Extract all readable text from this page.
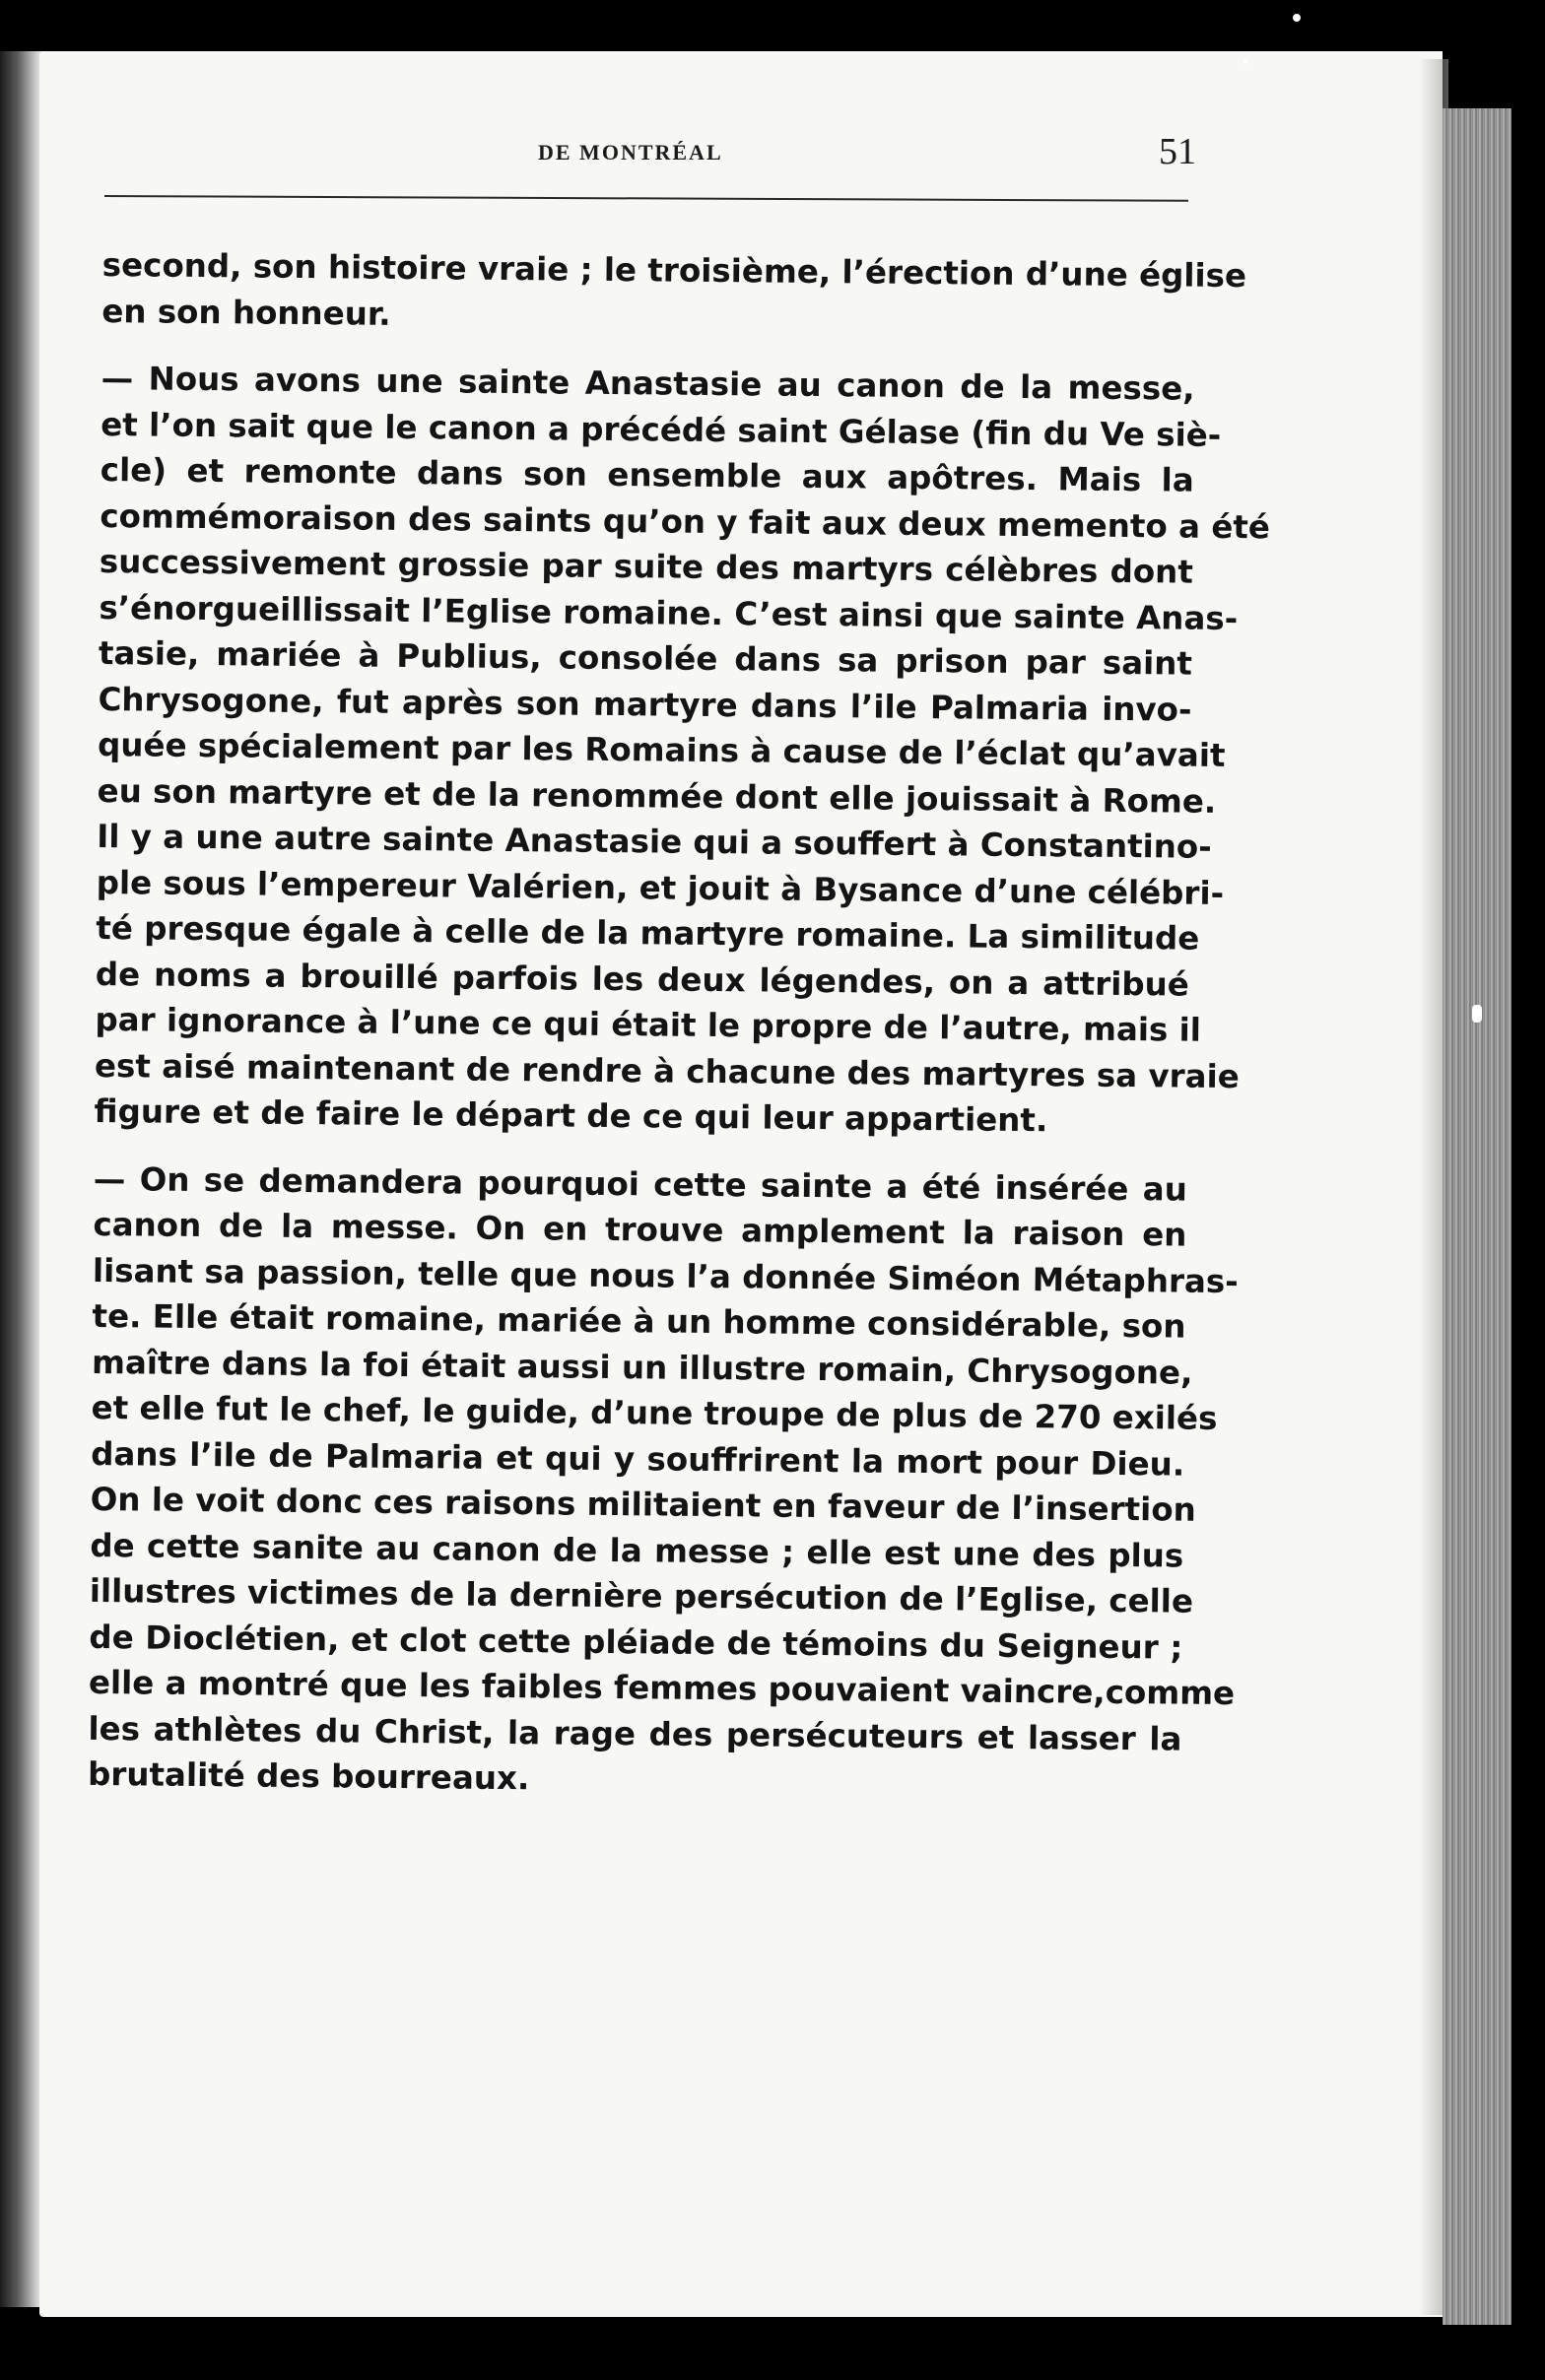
DE MONTRÉAL	51
second, son histoire vraie ; le troisième, l’érection d’une église
en son honneur.
— Nous avons une sainte Anastasie au canon de la messe,
et l’on sait que le canon a précédé saint Gélase (fin du Ve siè-
cle) et remonte dans son ensemble aux apôtres. Mais la
commémoraison des saints qu’on y fait aux deux memento a été
successivement grossie par suite des martyrs célèbres dont
s’énorgueillissait l’Eglise romaine. C’est ainsi que sainte Anas-
tasie, mariée à Publius, consolée dans sa prison par saint
Chrysogone, fut après son martyre dans l’ile Palmaria invo-
quée spécialement par les Romains à cause de l’éclat qu’avait
eu son martyre et de la renommée dont elle jouissait à Rome.
Il y a une autre sainte Anastasie qui a souffert à Constantino-
ple sous l’empereur Valérien, et jouit à Bysance d’une célébri-
té presque égale à celle de la martyre romaine. La similitude
de noms a brouillé parfois les deux légendes, on a attribué
par ignorance à l’une ce qui était le propre de l’autre, mais il
est aisé maintenant de rendre à chacune des martyres sa vraie
figure et de faire le départ de ce qui leur appartient.
— On se demandera pourquoi cette sainte a été insérée au
canon de la messe. On en trouve amplement la raison en
lisant sa passion, telle que nous l’a donnée Siméon Métaphras-
te. Elle était romaine, mariée à un homme considérable, son
maître dans la foi était aussi un illustre romain, Chrysogone,
et elle fut le chef, le guide, d’une troupe de plus de 270 exilés
dans l’ile de Palmaria et qui y souffrirent la mort pour Dieu.
On le voit donc ces raisons militaient en faveur de l’insertion
de cette sanite au canon de la messe ; elle est une des plus
illustres victimes de la dernière persécution de l’Eglise, celle
de Dioclétien, et clot cette pléiade de témoins du Seigneur ;
elle a montré que les faibles femmes pouvaient vaincre,comme
les athlètes du Christ, la rage des persécuteurs et lasser la
brutalité des bourreaux.
